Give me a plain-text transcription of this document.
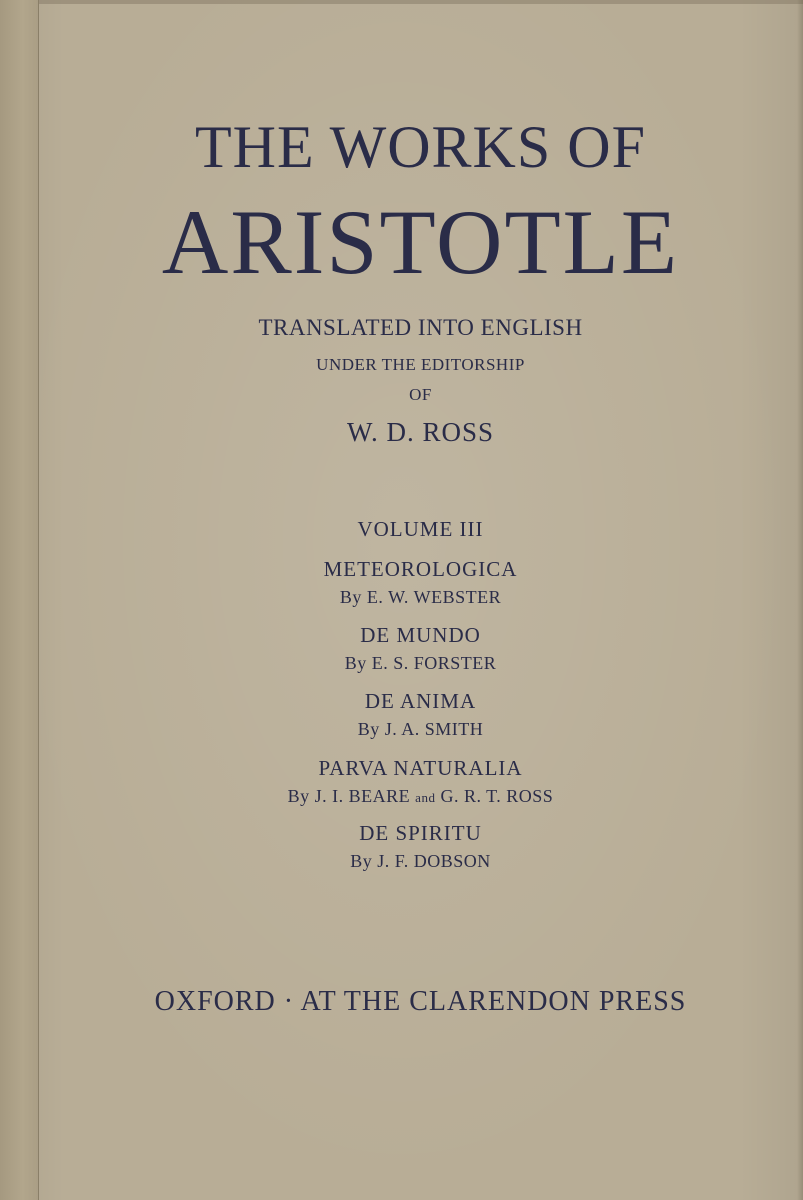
THE WORKS OF
ARISTOTLE
TRANSLATED INTO ENGLISH
UNDER THE EDITORSHIP
OF
W. D. ROSS
VOLUME III
METEOROLOGICA
By E. W. WEBSTER
DE MUNDO
By E. S. FORSTER
DE ANIMA
By J. A. SMITH
PARVA NATURALIA
By J. I. BEARE and G. R. T. ROSS
DE SPIRITU
By J. F. DOBSON
OXFORD · AT THE CLARENDON PRESS
